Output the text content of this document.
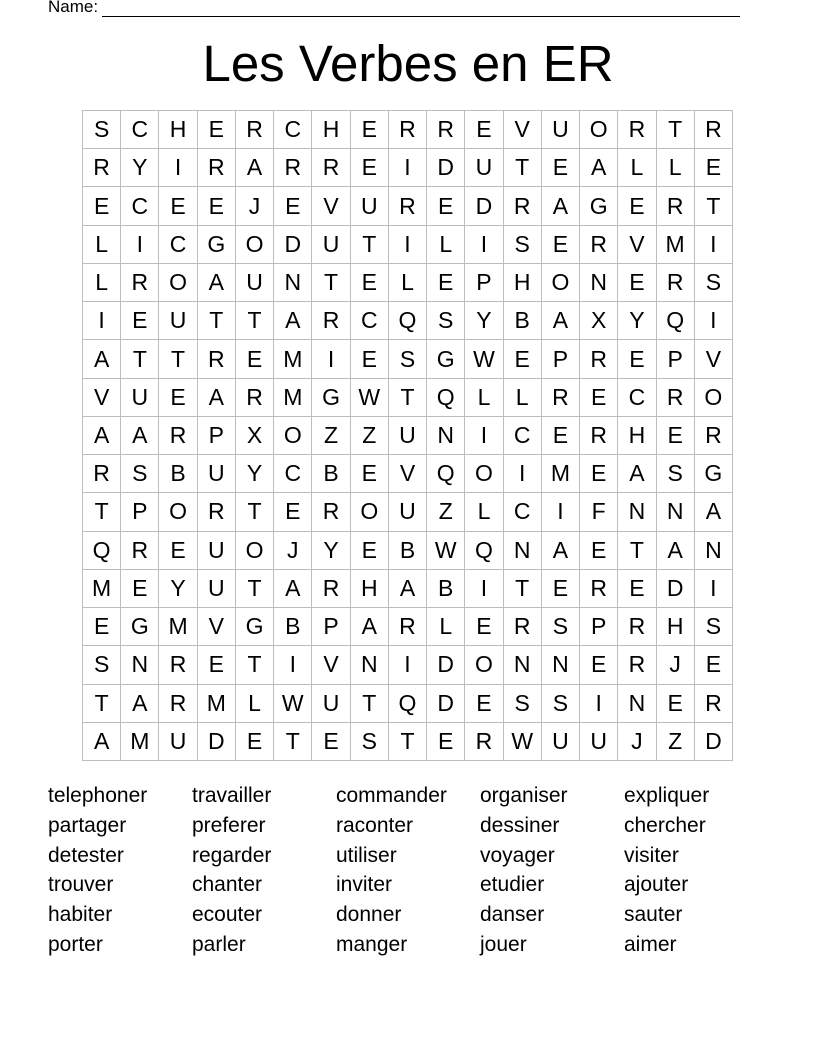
Name:
Les Verbes en ER
S C H E R C H E R R E V U O R T R
R Y	I	R A R R E	I	D U T	E A	L	L	E
E C E E	J	E V U R E D R A G E R T
L	I	C G O D U T	I	L	I	S E R V M	I
L	R O A U N T	E	L	E P H O N E R S
I	E U T	T	A R C Q S Y B A X Y Q	I
A	T	T R E M	I	E S G W E P R E P V
V U E A R M G W T Q L	L	R E C R O
A A R P X O Z	Z U N	I	C E R H E R
R S B U Y C B E V Q O	I	M E A S G
T	P O R T	E R O U Z	L	C	I	F N N A
Q R E U O	J	Y E B W Q N A E	T	A N
M E Y U T	A R H A B	I	T	E R E D	I
E G M V G B P A R	L	E R S P R H S
S N R E	T	I	V N	I	D O N N E R	J	E
T	A R M L W U T Q D E S S	I	N E R
A M U D E	T	E S	T	E R W U U	J	Z D
telephoner	travailler	commander	organiser	expliquer
partager	preferer	raconter	dessiner	chercher
detester	regarder	utiliser	voyager	visiter
trouver	chanter	inviter	etudier	ajouter
habiter	ecouter	donner	danser	sauter
porter	parler	manger	jouer	aimer
